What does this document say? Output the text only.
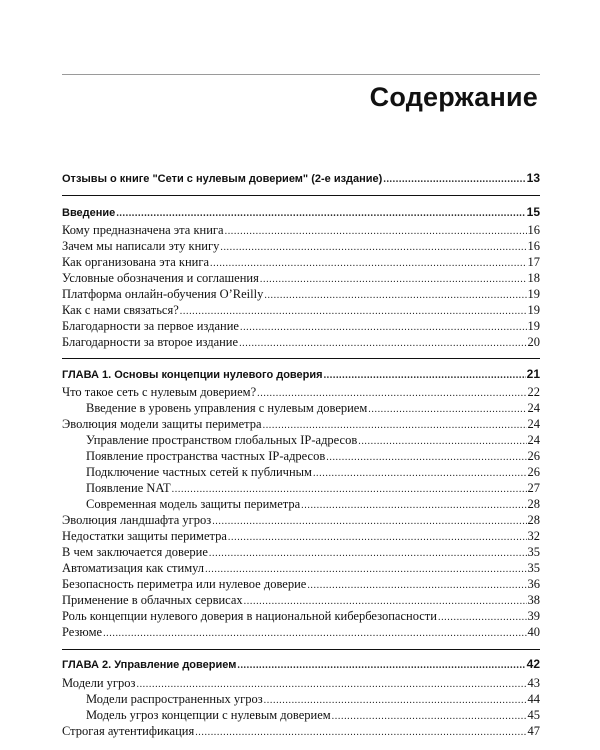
Содержание
Отзывы о книге "Сети с нулевым доверием" (2-е издание) .....	13
Введение .....	15
Кому предназначена эта книга .....	16
Зачем мы написали эту книгу .....	16
Как организована эта книга .....	17
Условные обозначения и соглашения .....	18
Платформа онлайн-обучения O’Reilly .....	19
Как с нами связаться? .....	19
Благодарности за первое издание .....	19
Благодарности за второе издание .....	20
ГЛАВА 1. Основы концепции нулевого доверия .....	21
Что такое сеть с нулевым доверием? .....	22
Введение в уровень управления с нулевым доверием .....	24
Эволюция модели защиты периметра .....	24
Управление пространством глобальных IP-адресов .....	24
Появление пространства частных IP-адресов .....	26
Подключение частных сетей к публичным .....	26
Появление NAT .....	27
Современная модель защиты периметра .....	28
Эволюция ландшафта угроз .....	28
Недостатки защиты периметра .....	32
В чем заключается доверие .....	35
Автоматизация как стимул .....	35
Безопасность периметра или нулевое доверие .....	36
Применение в облачных сервисах .....	38
Роль концепции нулевого доверия в национальной кибербезопасности .....	39
Резюме .....	40
ГЛАВА 2. Управление доверием .....	42
Модели угроз .....	43
Модели распространенных угроз .....	44
Модель угроз концепции с нулевым доверием .....	45
Строгая аутентификация .....	47
